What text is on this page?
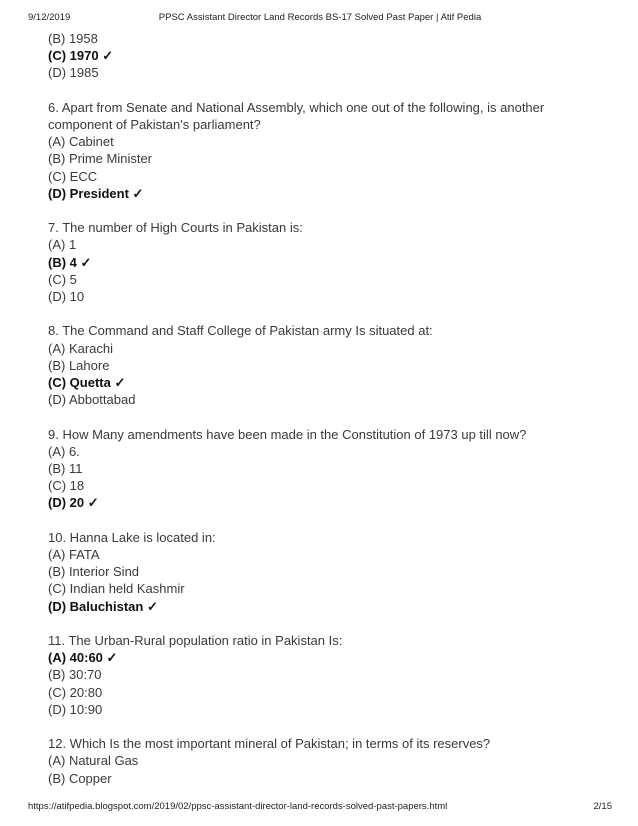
9/12/2019	PPSC Assistant Director Land Records BS-17 Solved Past Paper | Atif Pedia
(B) 1958
(C) 1970 ✓
(D) 1985
6. Apart from Senate and National Assembly, which one out of the following, is another component of Pakistan's parliament?
(A) Cabinet
(B) Prime Minister
(C) ECC
(D) President ✓
7. The number of High Courts in Pakistan is:
(A) 1
(B) 4 ✓
(C) 5
(D) 10
8. The Command and Staff College of Pakistan army Is situated at:
(A) Karachi
(B) Lahore
(C) Quetta ✓
(D) Abbottabad
9. How Many amendments have been made in the Constitution of 1973 up till now?
(A) 6.
(B) 11
(C) 18
(D) 20 ✓
10. Hanna Lake is located in:
(A) FATA
(B) Interior Sind
(C) Indian held Kashmir
(D) Baluchistan ✓
11. The Urban-Rural population ratio in Pakistan Is:
(A) 40:60 ✓
(B) 30:70
(C) 20:80
(D) 10:90
12. Which Is the most important mineral of Pakistan; in terms of its reserves?
(A) Natural Gas
(B) Copper
https://atifpedia.blogspot.com/2019/02/ppsc-assistant-director-land-records-solved-past-papers.html	2/15
